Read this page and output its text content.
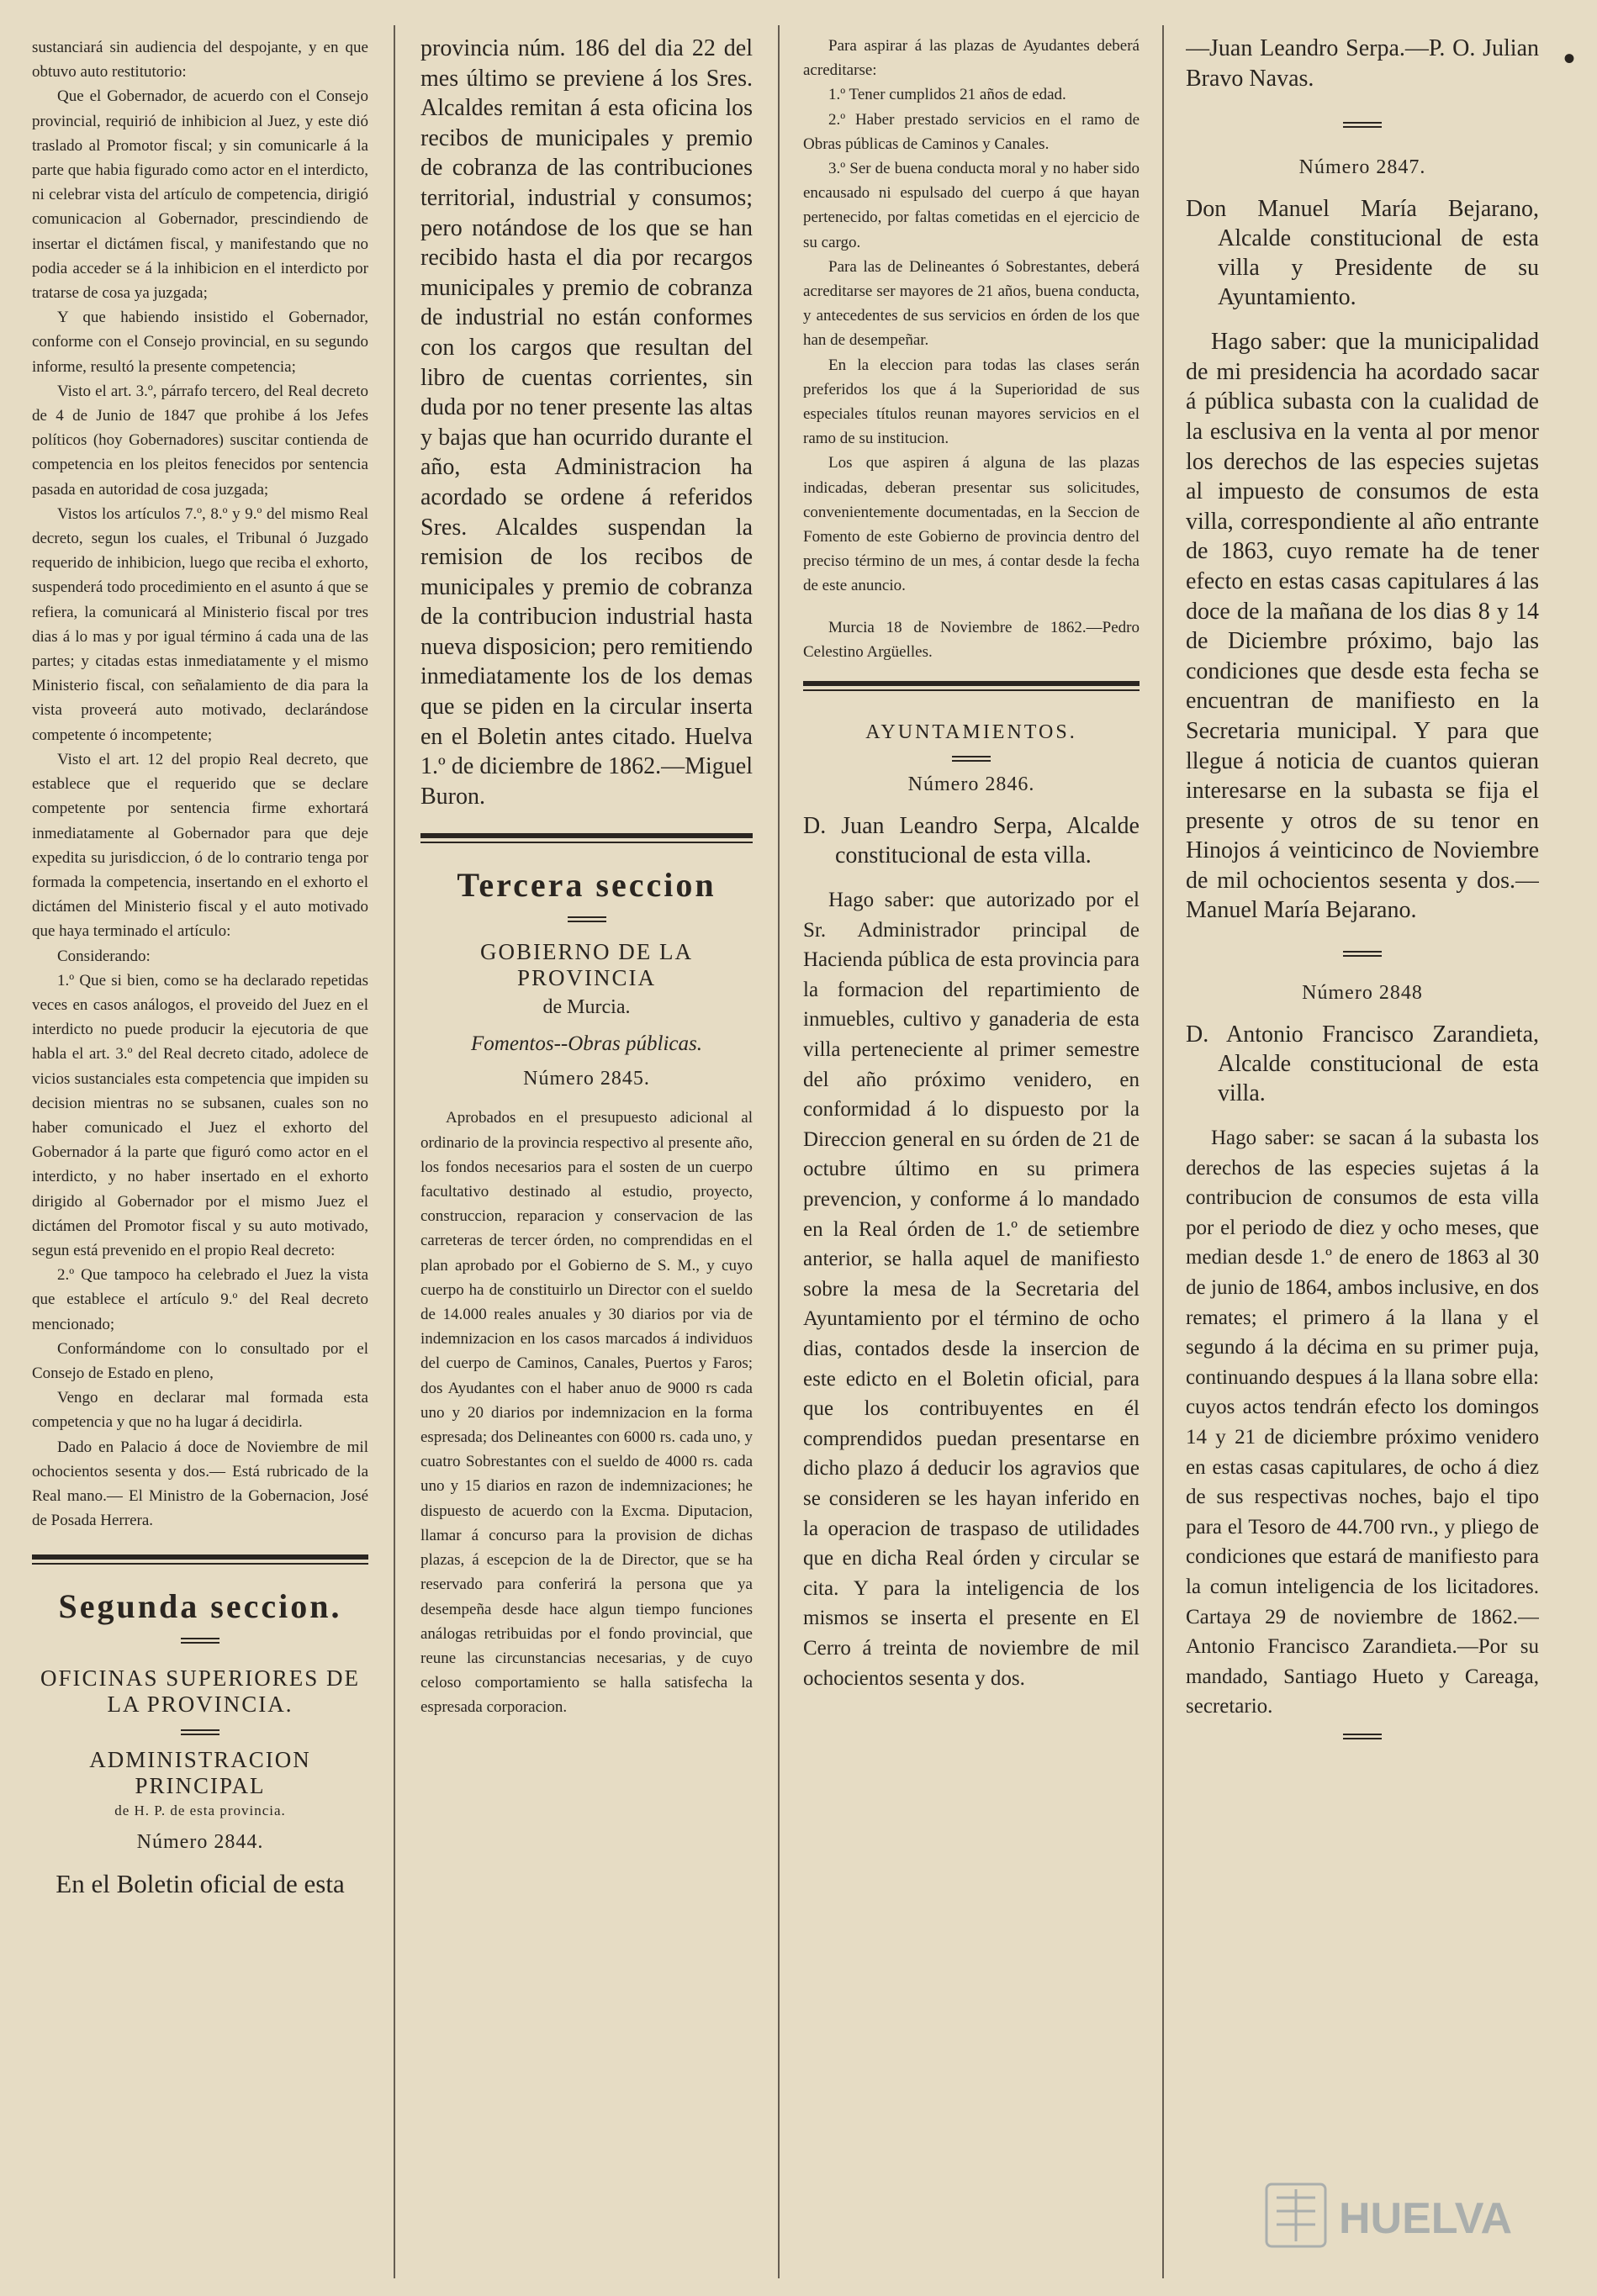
sustanciará sin audiencia del despojante, y en que obtuvo auto restitutorio:

Que el Gobernador, de acuerdo con el Consejo provincial, requirió de inhibicion al Juez, y este dió traslado al Promotor fiscal; y sin comunicarle á la parte que habia figurado como actor en el interdicto, ni celebrar vista del artículo de competencia, dirigió comunicacion al Gobernador, prescindiendo de insertar el dictámen fiscal, y manifestando que no podia acceder se á la inhibicion en el interdicto por tratarse de cosa ya juzgada;

Y que habiendo insistido el Gobernador, conforme con el Consejo provincial, en su segundo informe, resultó la presente competencia;

Visto el art. 3.º, párrafo tercero, del Real decreto de 4 de Junio de 1847 que prohibe á los Jefes políticos (hoy Gobernadores) suscitar contienda de competencia en los pleitos fenecidos por sentencia pasada en autoridad de cosa juzgada;

Vistos los artículos 7.º, 8.º y 9.º del mismo Real decreto, segun los cuales, el Tribunal ó Juzgado requerido de inhibicion, luego que reciba el exhorto, suspenderá todo procedimiento en el asunto á que se refiera, la comunicará al Ministerio fiscal por tres dias á lo mas y por igual término á cada una de las partes; y citadas estas inmediatamente y el mismo Ministerio fiscal, con señalamiento de dia para la vista proveerá auto motivado, declarándose competente ó incompetente;

Visto el art. 12 del propio Real decreto, que establece que el requerido que se declare competente por sentencia firme exhortará inmediatamente al Gobernador para que deje expedita su jurisdiccion, ó de lo contrario tenga por formada la competencia, insertando en el exhorto el dictámen del Ministerio fiscal y el auto motivado que haya terminado el artículo:

Considerando:

1.º Que si bien, como se ha declarado repetidas veces en casos análogos, el proveido del Juez en el interdicto no puede producir la ejecutoria de que habla el art. 3.º del Real decreto citado, adolece de vicios sustanciales esta competencia que impiden su decision mientras no se subsanen, cuales son no haber comunicado el Juez el exhorto del Gobernador á la parte que figuró como actor en el interdicto, y no haber insertado en el exhorto dirigido al Gobernador por el mismo Juez el dictámen del Promotor fiscal y su auto motivado, segun está prevenido en el propio Real decreto:

2.º Que tampoco ha celebrado el Juez la vista que establece el artículo 9.º del Real decreto mencionado;

Conformándome con lo consultado por el Consejo de Estado en pleno,

Vengo en declarar mal formada esta competencia y que no ha lugar á decidirla.

Dado en Palacio á doce de Noviembre de mil ochocientos sesenta y dos.— Está rubricado de la Real mano.— El Ministro de la Gobernacion, José de Posada Herrera.

Segunda seccion.
OFICINAS SUPERIORES DE LA PROVINCIA.
ADMINISTRACION PRINCIPAL
de H. P. de esta provincia.
Número 2844.
En el Boletin oficial de esta

provincia núm. 186 del dia 22 del mes último se previene á los Sres. Alcaldes remitan á esta oficina los recibos de municipales y premio de cobranza de las contribuciones territorial, industrial y consumos; pero notándose de los que se han recibido hasta el dia por recargos municipales y premio de cobranza de industrial no están conformes con los cargos que resultan del libro de cuentas corrientes, sin duda por no tener presente las altas y bajas que han ocurrido durante el año, esta Administracion ha acordado se ordene á referidos Sres. Alcaldes suspendan la remision de los recibos de municipales y premio de cobranza de la contribucion industrial hasta nueva disposicion; pero remitiendo inmediatamente los de los demas que se piden en la circular inserta en el Boletin antes citado. Huelva 1.º de diciembre de 1862.—Miguel Buron.

Tercera seccion
GOBIERNO DE LA PROVINCIA
de Murcia.
Fomentos--Obras públicas.
Número 2845.

Aprobados en el presupuesto adicional al ordinario de la provincia respectivo al presente año, los fondos necesarios para el sosten de un cuerpo facultativo destinado al estudio, proyecto, construccion, reparacion y conservacion de las carreteras de tercer órden, no comprendidas en el plan aprobado por el Gobierno de S. M., y cuyo cuerpo ha de constituirlo un Director con el sueldo de 14.000 reales anuales y 30 diarios por via de indemnizacion en los casos marcados á individuos del cuerpo de Caminos, Canales, Puertos y Faros; dos Ayudantes con el haber anuo de 9000 rs cada uno y 20 diarios por indemnizacion en la forma espresada; dos Delineantes con 6000 rs. cada uno, y cuatro Sobrestantes con el sueldo de 4000 rs. cada uno y 15 diarios en razon de indemnizaciones; he dispuesto de acuerdo con la Excma. Diputacion, llamar á concurso para la provision de dichas plazas, á escepcion de la de Director, que se ha reservado para conferirá la persona que ya desempeña desde hace algun tiempo funciones análogas retribuidas por el fondo provincial, que reune las circunstancias necesarias, y de cuyo celoso comportamiento se halla satisfecha la espresada corporacion.

Para aspirar á las plazas de Ayudantes deberá acreditarse:

1.º Tener cumplidos 21 años de edad.

2.º Haber prestado servicios en el ramo de Obras públicas de Caminos y Canales.

3.º Ser de buena conducta moral y no haber sido encausado ni espulsado del cuerpo á que hayan pertenecido, por faltas cometidas en el ejercicio de su cargo.

Para las de Delineantes ó Sobrestantes, deberá acreditarse ser mayores de 21 años, buena conducta, y antecedentes de sus servicios en órden de los que han de desempeñar.

En la eleccion para todas las clases serán preferidos los que á la Superioridad de sus especiales títulos reunan mayores servicios en el ramo de su institucion.

Los que aspiren á alguna de las plazas indicadas, deberan presentar sus solicitudes, convenientemente documentadas, en la Seccion de Fomento de este Gobierno de provincia dentro del preciso término de un mes, á contar desde la fecha de este anuncio.

Murcia 18 de Noviembre de 1862.—Pedro Celestino Argüelles.

AYUNTAMIENTOS.
Número 2846.

D. Juan Leandro Serpa, Alcalde constitucional de esta villa.

Hago saber: que autorizado por el Sr. Administrador principal de Hacienda pública de esta provincia para la formacion del repartimiento de inmuebles, cultivo y ganaderia de esta villa perteneciente al primer semestre del año próximo venidero, en conformidad á lo dispuesto por la Direccion general en su órden de 21 de octubre último en su primera prevencion, y conforme á lo mandado en la Real órden de 1.º de setiembre anterior, se halla aquel de manifiesto sobre la mesa de la Secretaria del Ayuntamiento por el término de ocho dias, contados desde la insercion de este edicto en el Boletin oficial, para que los contribuyentes en él comprendidos puedan presentarse en dicho plazo á deducir los agravios que se consideren se les hayan inferido en la operacion de traspaso de utilidades que en dicha Real órden y circular se cita. Y para la inteligencia de los mismos se inserta el presente en El Cerro á treinta de noviembre de mil ochocientos sesenta y dos.

—Juan Leandro Serpa.—P. O. Julian Bravo Navas.

Número 2847.

Don Manuel María Bejarano, Alcalde constitucional de esta villa y Presidente de su Ayuntamiento.

Hago saber: que la municipalidad de mi presidencia ha acordado sacar á pública subasta con la cualidad de la esclusiva en la venta al por menor los derechos de las especies sujetas al impuesto de consumos de esta villa, correspondiente al año entrante de 1863, cuyo remate ha de tener efecto en estas casas capitulares á las doce de la mañana de los dias 8 y 14 de Diciembre próximo, bajo las condiciones que desde esta fecha se encuentran de manifiesto en la Secretaria municipal. Y para que llegue á noticia de cuantos quieran interesarse en la subasta se fija el presente y otros de su tenor en Hinojos á veinticinco de Noviembre de mil ochocientos sesenta y dos.—Manuel María Bejarano.

Número 2848

D. Antonio Francisco Zarandieta, Alcalde constitucional de esta villa.

Hago saber: se sacan á la subasta los derechos de las especies sujetas á la contribucion de consumos de esta villa por el periodo de diez y ocho meses, que median desde 1.º de enero de 1863 al 30 de junio de 1864, ambos inclusive, en dos remates; el primero á la llana y el segundo á la décima en su primer puja, continuando despues á la llana sobre ella: cuyos actos tendrán efecto los domingos 14 y 21 de diciembre próximo venidero en estas casas capitulares, de ocho á diez de sus respectivas noches, bajo el tipo para el Tesoro de 44.700 rvn., y pliego de condiciones que estará de manifiesto para la comun inteligencia de los licitadores. Cartaya 29 de noviembre de 1862.—Antonio Francisco Zarandieta.—Por su mandado, Santiago Hueto y Careaga, secretario.

•
HUELVA
